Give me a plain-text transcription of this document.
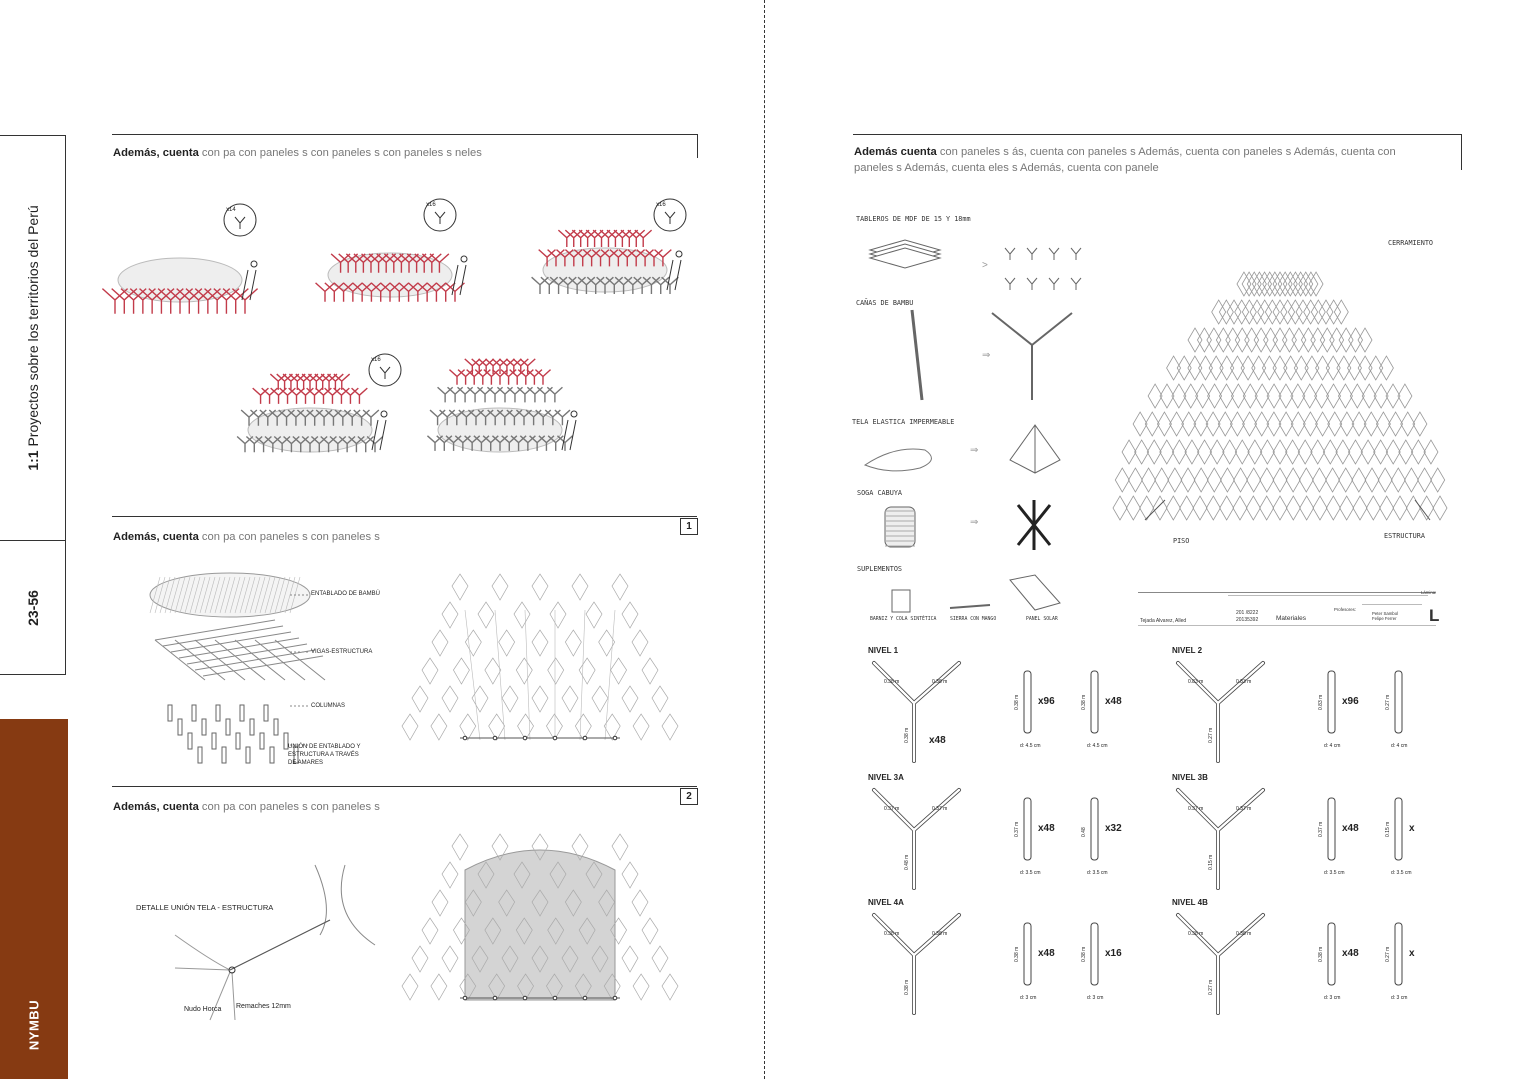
1:1 Proyectos sobre los territorios del Perú
23-56
NYMBU
Además, cuenta con pa con paneles s con paneles s con paneles s neles
x14
x16	x16
x16
1
Además, cuenta con pa con paneles s con paneles s
ENTABLADO DE BAMBÚ
VIGAS-ESTRUCTURA
COLUMNAS
UNIÓN DE ENTABLADO Y
ESTRUCTURA A TRAVÉS
DE AMARES
2
Además, cuenta con pa con paneles s con paneles s
DETALLE UNIÓN TELA - ESTRUCTURA
Nudo Horca Remaches 12mm
Además cuenta con paneles s ás, cuenta con paneles s Además, cuenta con paneles s Además, cuenta con
paneles s Además, cuenta eles s Además, cuenta con panele
TABLEROS DE MDF DE 15 Y 18mm
CAÑAS DE BAMBU
TELA ELASTICA IMPERMEABLE
SOGA CABUYA
SUPLEMENTOS
BARNIZ Y COLA SINTÉTICA	SIERRA CON MANGO	PANEL SOLAR
>
⇒
⇒
⇒
CERRAMIENTO
PISO
ESTRUCTURA
Tejada Alvarez, Alled
201 /8222
20135392	Materiales
Profesores:
Peter Sambol
Felipe Ferrer
Lámina:
L
NIVEL 1
0.38 m	0.38 m
0.38 m x48
0.38 m x96
d: 4.5 cm
0.38 m x48
d: 4.5 cm
NIVEL 2
0.83 m	0.83 m
0.27 m
0.83 m x96
d: 4 cm
0.27 m
d: 4 cm
NIVEL 3A
0.37 m	0.37 m
0.48 m
0.37 m x48
d: 3.5 cm
0.48 x32
d: 3.5 cm
NIVEL 3B
0.37 m	0.37 m
0.15 m
0.37 m x48
d: 3.5 cm
0.15 m x
d: 3.5 cm
NIVEL 4A
0.38 m	0.38 m
0.38 m
0.38 m x48
d: 3 cm
0.38 m x16
d: 3 cm
NIVEL 4B
0.38 m	0.38 m
0.27 m
0.38 m x48
d: 3 cm
0.27 m x
d: 3 cm
